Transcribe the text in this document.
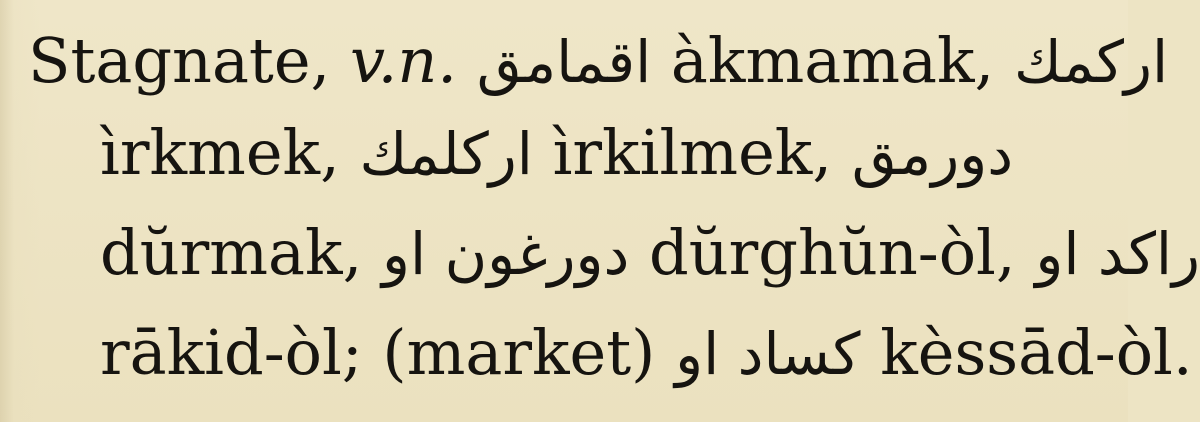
Stagnate, v.n. اقمامق àkmamak, اركمك
ìrkmek, اركلمك ìrkilmek, دورمق
dŭrmak, دورغون او dŭrghŭn-òl, راكد او
rākid-òl; (market) كساد او kèssād-òl.
